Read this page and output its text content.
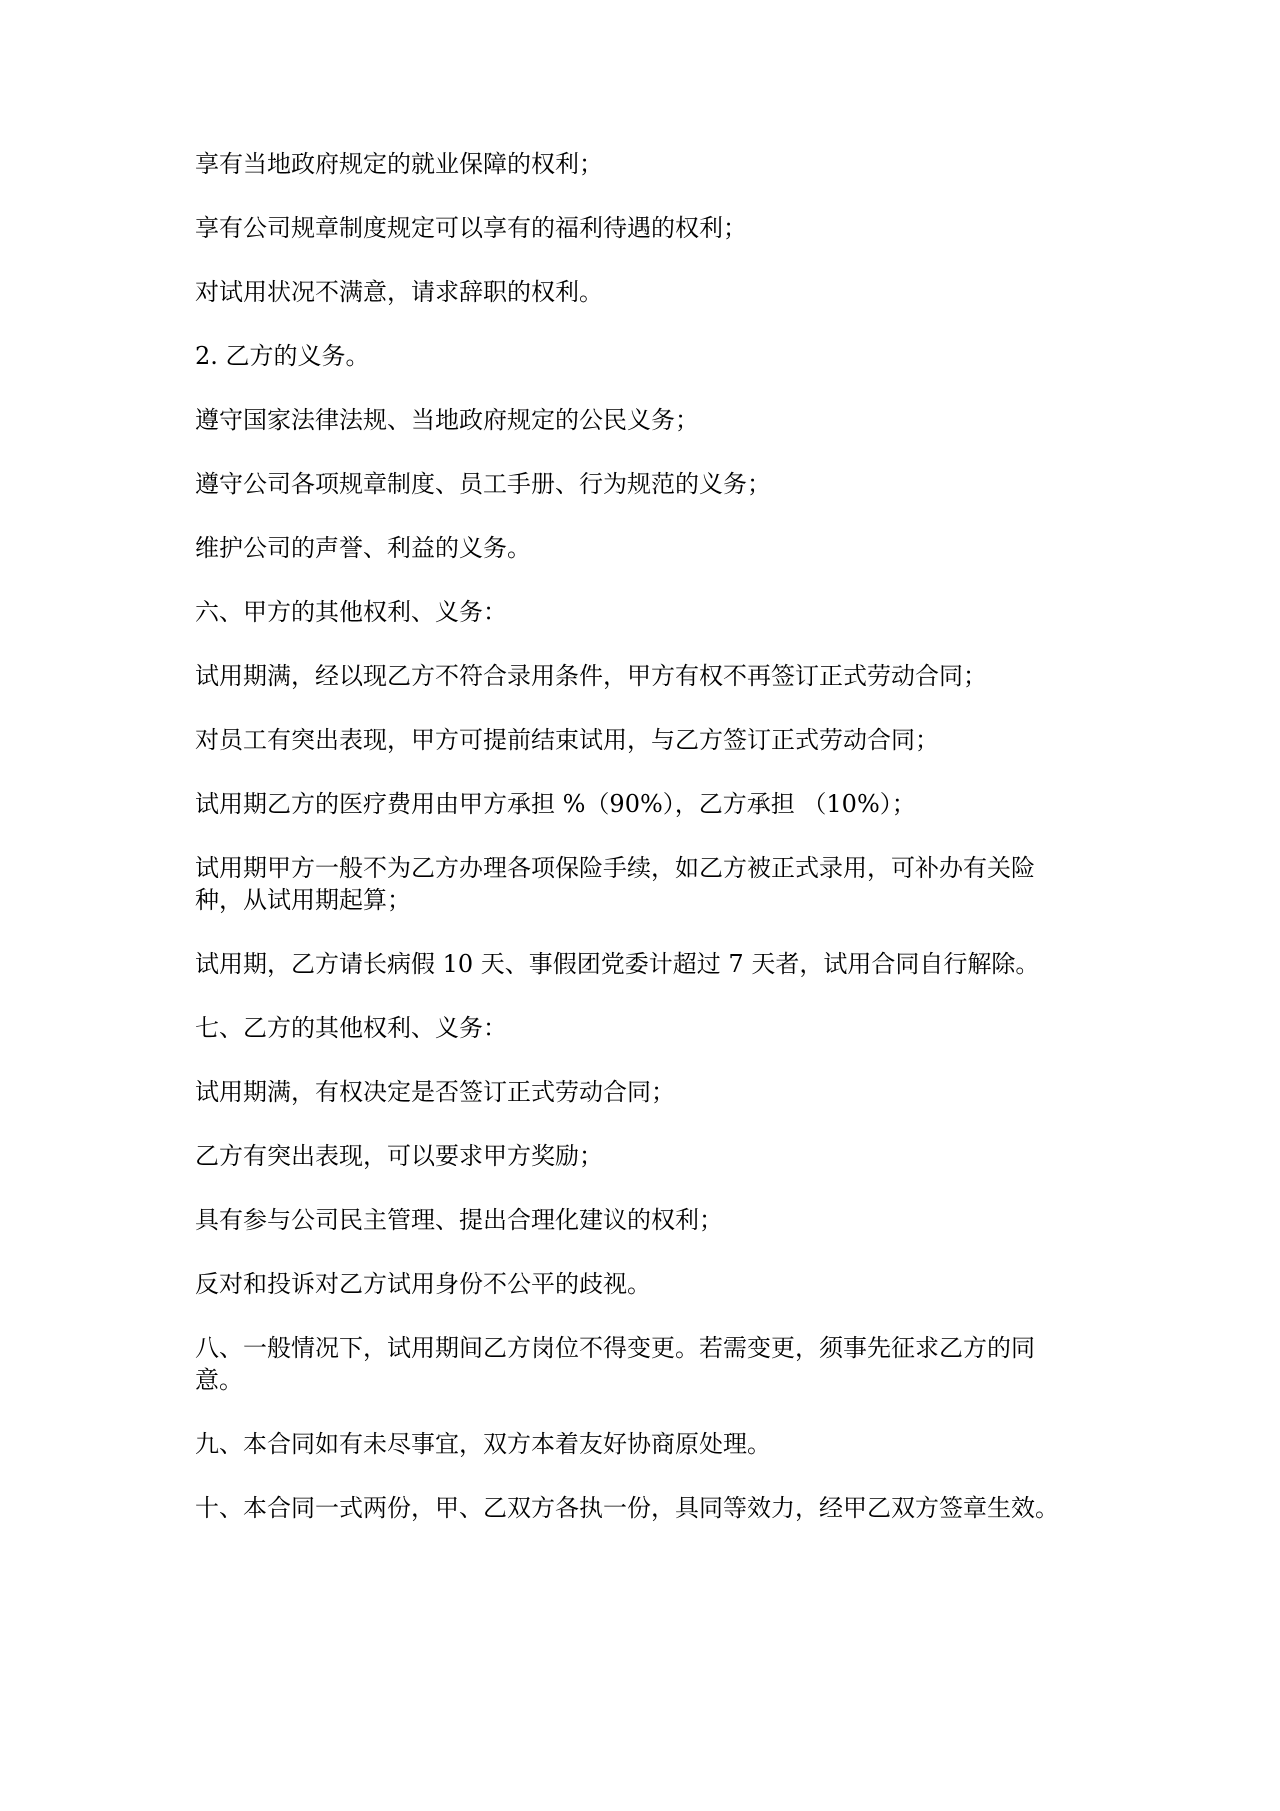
享有当地政府规定的就业保障的权利；

享有公司规章制度规定可以享有的福利待遇的权利；

对试用状况不满意，请求辞职的权利。

2. 乙方的义务。

遵守国家法律法规、当地政府规定的公民义务；

遵守公司各项规章制度、员工手册、行为规范的义务；

维护公司的声誉、利益的义务。

六、甲方的其他权利、义务：

试用期满，经以现乙方不符合录用条件，甲方有权不再签订正式劳动合同；

对员工有突出表现，甲方可提前结束试用，与乙方签订正式劳动合同；

试用期乙方的医疗费用由甲方承担 %（90%），乙方承担 （10%）；

试用期甲方一般不为乙方办理各项保险手续，如乙方被正式录用，可补办有关险
种，从试用期起算；

试用期，乙方请长病假 10 天、事假团党委计超过 7 天者，试用合同自行解除。

七、乙方的其他权利、义务：

试用期满，有权决定是否签订正式劳动合同；

乙方有突出表现，可以要求甲方奖励；

具有参与公司民主管理、提出合理化建议的权利；

反对和投诉对乙方试用身份不公平的歧视。

八、一般情况下，试用期间乙方岗位不得变更。若需变更，须事先征求乙方的同
意。

九、本合同如有未尽事宜，双方本着友好协商原处理。

十、本合同一式两份，甲、乙双方各执一份，具同等效力，经甲乙双方签章生效。
